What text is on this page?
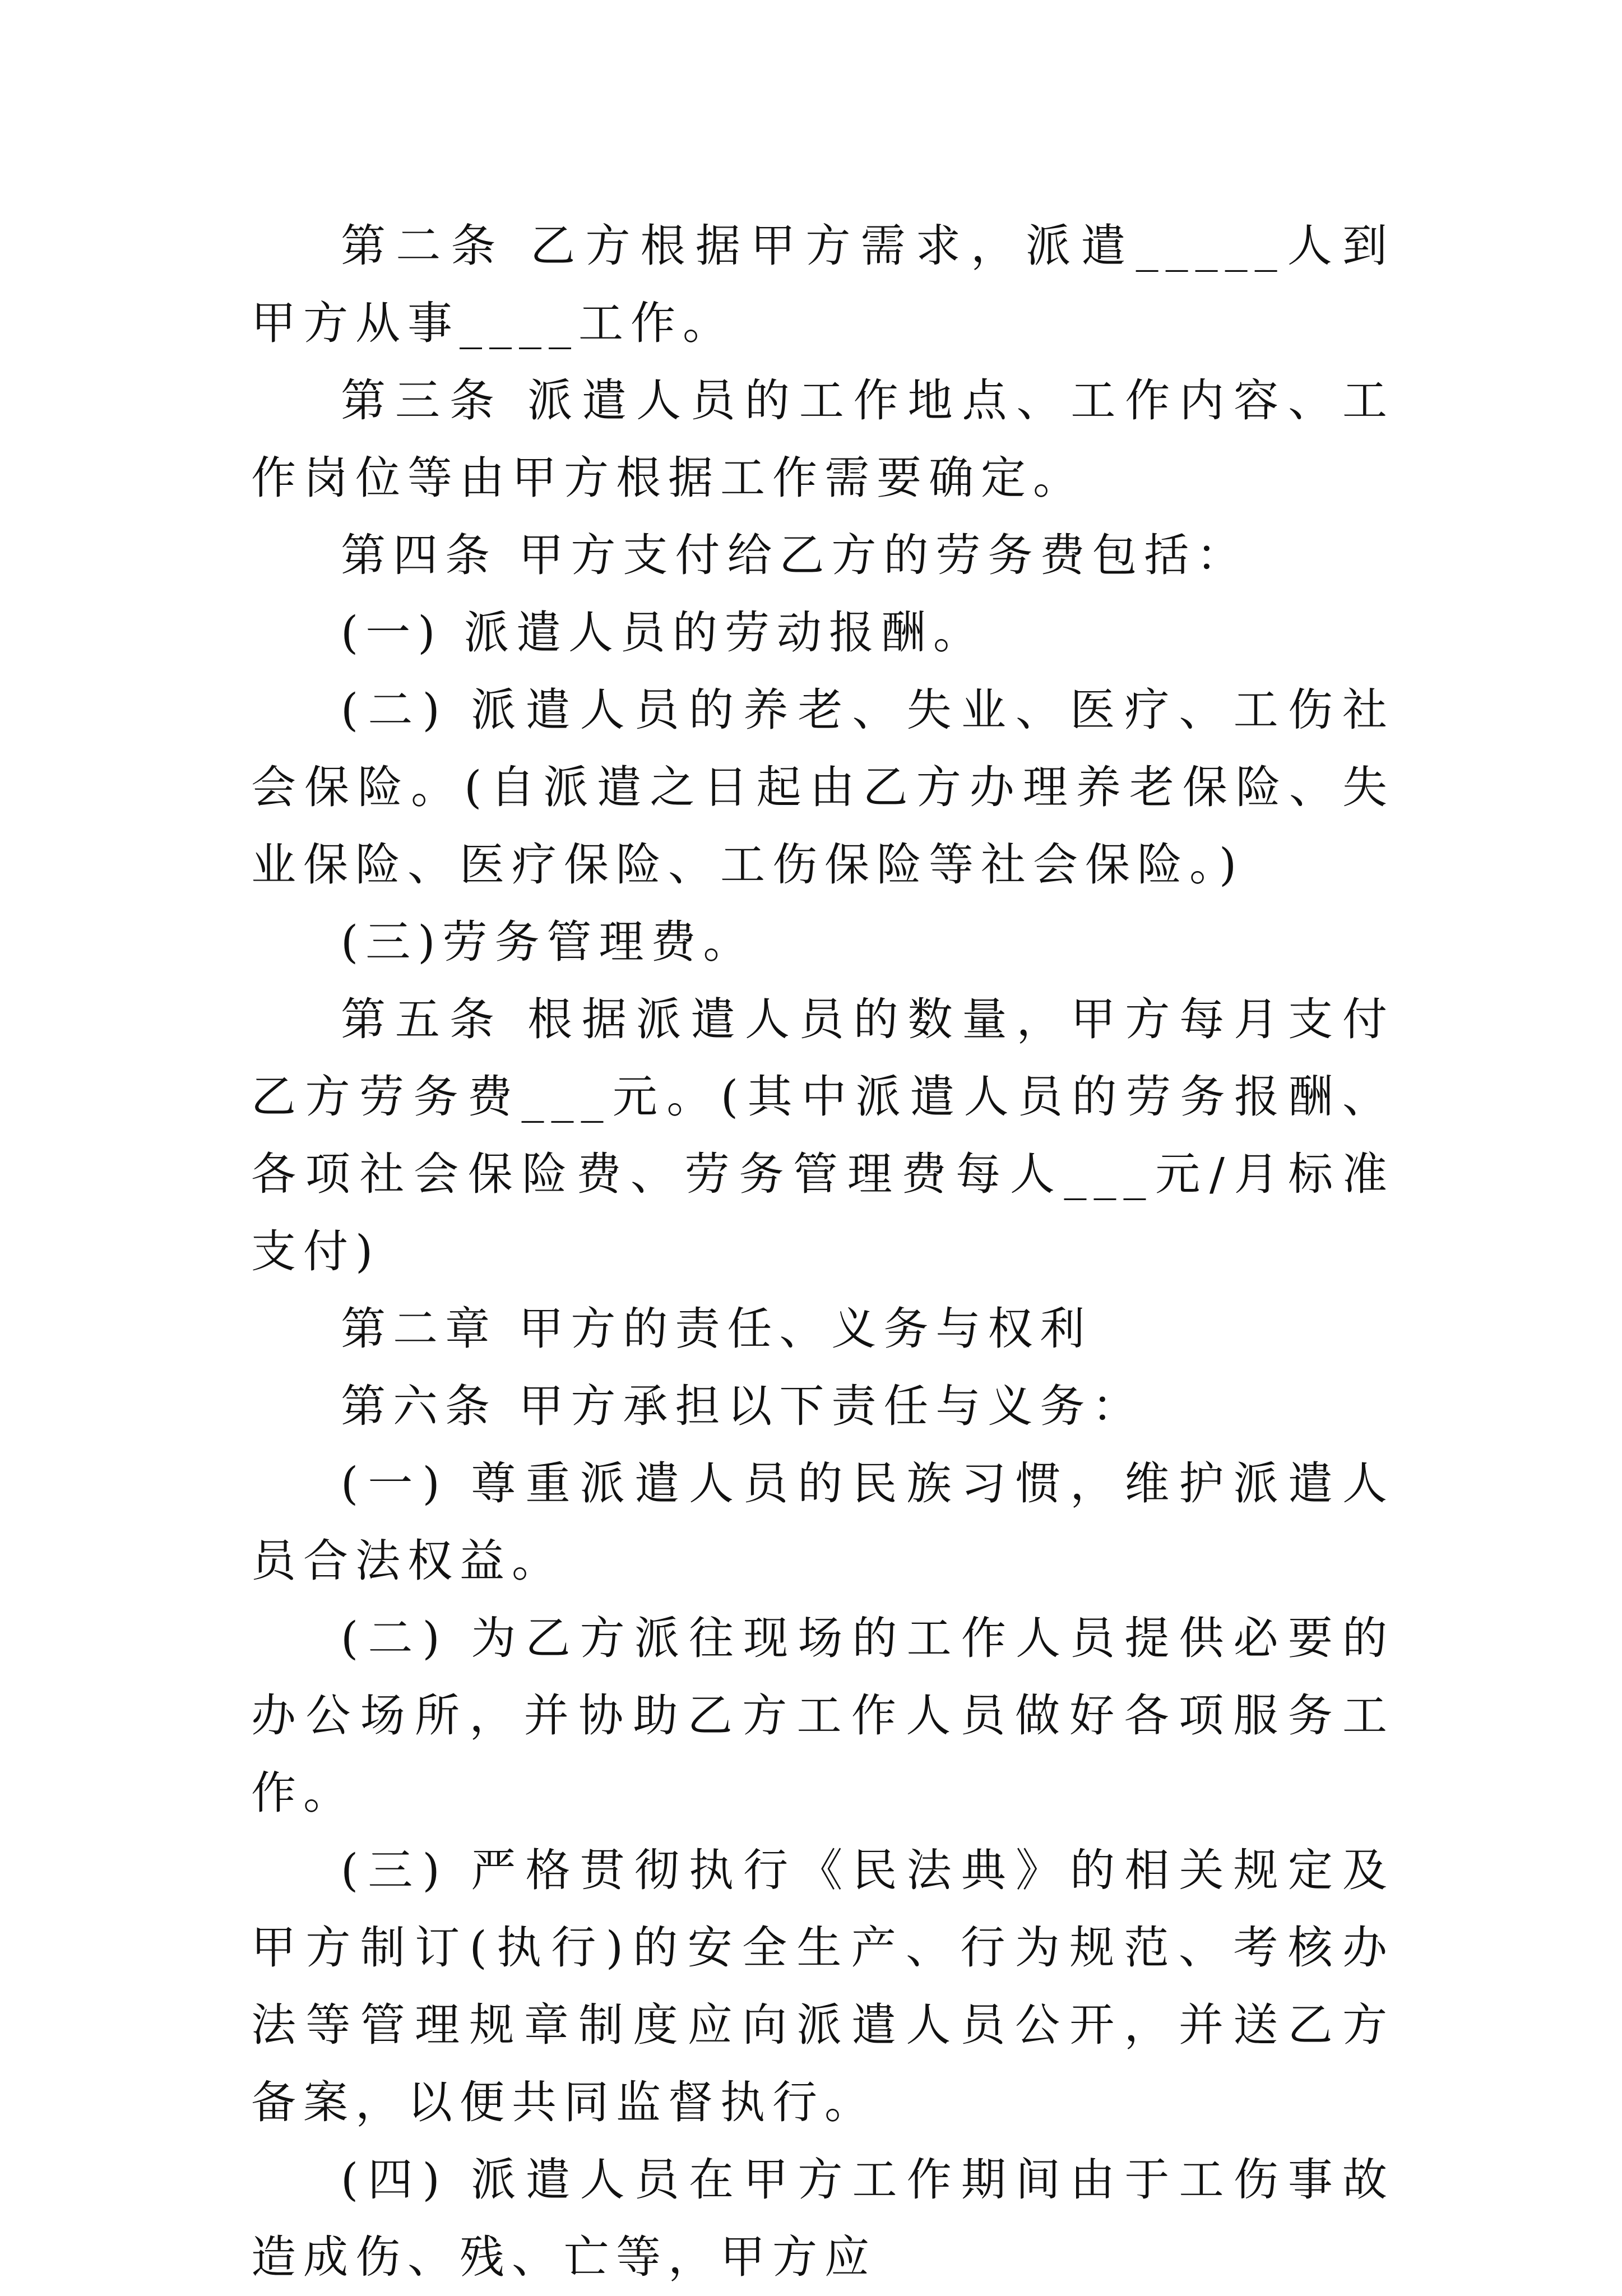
第二条 乙方根据甲方需求，派遣_____人到甲方从事____工作。

第三条 派遣人员的工作地点、工作内容、工作岗位等由甲方根据工作需要确定。

第四条 甲方支付给乙方的劳务费包括：

(一) 派遣人员的劳动报酬。

(二) 派遣人员的养老、失业、医疗、工伤社会保险。(自派遣之日起由乙方办理养老保险、失业保险、医疗保险、工伤保险等社会保险。)

(三)劳务管理费。

第五条 根据派遣人员的数量，甲方每月支付乙方劳务费___元。(其中派遣人员的劳务报酬、各项社会保险费、劳务管理费每人___元/月标准支付)

第二章 甲方的责任、义务与权利

第六条 甲方承担以下责任与义务：

(一) 尊重派遣人员的民族习惯，维护派遣人员合法权益。

(二) 为乙方派往现场的工作人员提供必要的办公场所，并协助乙方工作人员做好各项服务工作。

(三) 严格贯彻执行《民法典》的相关规定及甲方制订(执行)的安全生产、行为规范、考核办法等管理规章制度应向派遣人员公开，并送乙方备案，以便共同监督执行。

(四) 派遣人员在甲方工作期间由于工伤事故造成伤、残、亡等，甲方应
